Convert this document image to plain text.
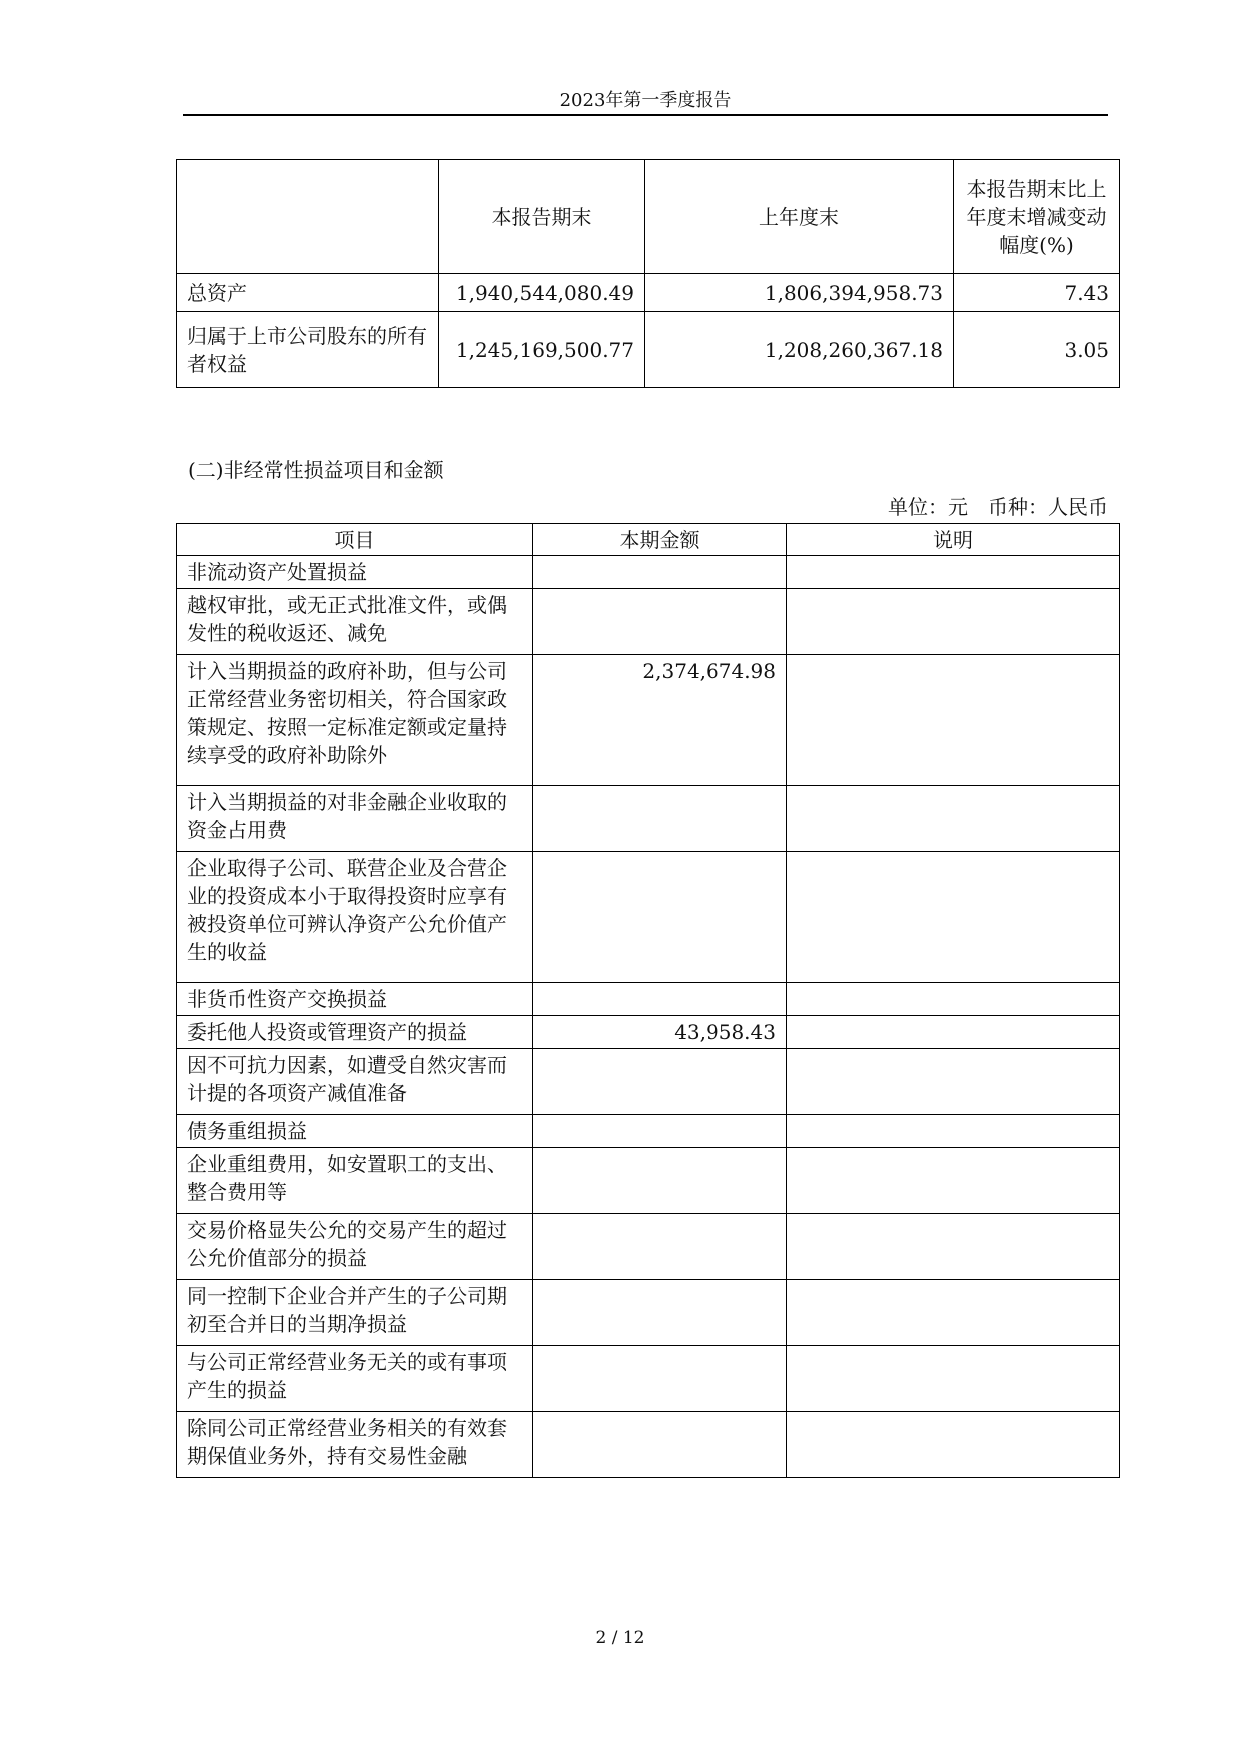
2023年第一季度报告
	本报告期末	上年度末	本报告期末比上年度末增减变动幅度(%)
总资产	1,940,544,080.49	1,806,394,958.73	7.43
归属于上市公司股东的所有者权益	1,245,169,500.77	1,208,260,367.18	3.05
(二)非经常性损益项目和金额
单位：元　币种：人民币
项目	本期金额	说明
非流动资产处置损益		
越权审批，或无正式批准文件，或偶发性的税收返还、减免		
计入当期损益的政府补助，但与公司正常经营业务密切相关，符合国家政策规定、按照一定标准定额或定量持续享受的政府补助除外	2,374,674.98	
计入当期损益的对非金融企业收取的资金占用费		
企业取得子公司、联营企业及合营企业的投资成本小于取得投资时应享有被投资单位可辨认净资产公允价值产生的收益		
非货币性资产交换损益		
委托他人投资或管理资产的损益	43,958.43	
因不可抗力因素，如遭受自然灾害而计提的各项资产减值准备		
债务重组损益		
企业重组费用，如安置职工的支出、整合费用等		
交易价格显失公允的交易产生的超过公允价值部分的损益		
同一控制下企业合并产生的子公司期初至合并日的当期净损益		
与公司正常经营业务无关的或有事项产生的损益		
除同公司正常经营业务相关的有效套期保值业务外，持有交易性金融		
2 / 12
